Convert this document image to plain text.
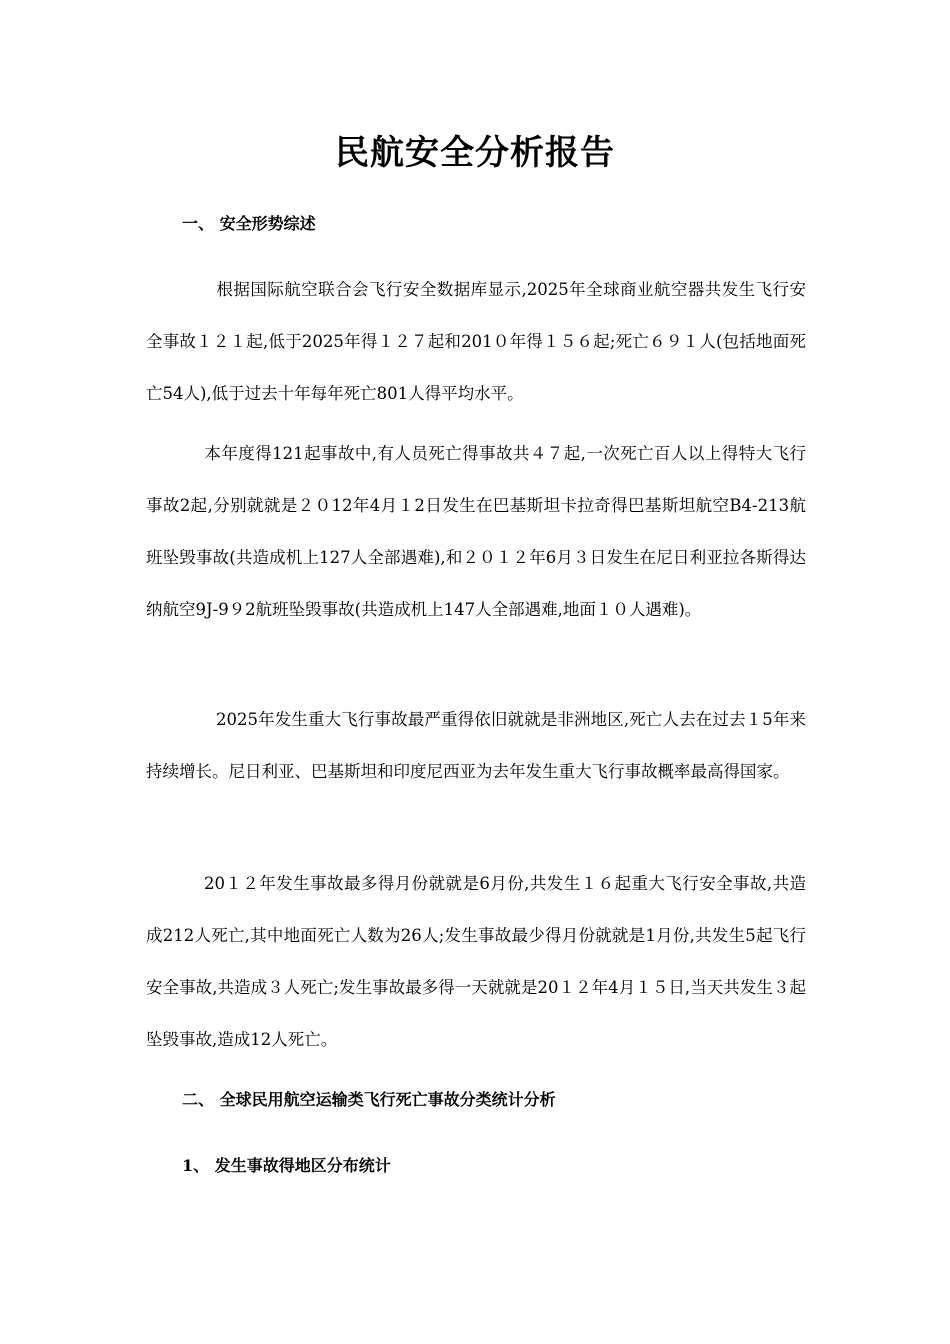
民航安全分析报告
一、 安全形势综述

根据国际航空联合会飞行安全数据库显示,2025年全球商业航空器共发生飞行安全事故１２１起,低于2025年得１２７起和201０年得１５６起;死亡６９１人(包括地面死亡54人),低于过去十年每年死亡801人得平均水平。

本年度得121起事故中,有人员死亡得事故共４７起,一次死亡百人以上得特大飞行事故2起,分别就就是２０12年4月１2日发生在巴基斯坦卡拉奇得巴基斯坦航空B4-213航班坠毁事故(共造成机上127人全部遇难),和２０１２年6月３日发生在尼日利亚拉各斯得达纳航空9J-9９2航班坠毁事故(共造成机上147人全部遇难,地面１０人遇难)。

2025年发生重大飞行事故最严重得依旧就就是非洲地区,死亡人去在过去１5年来持续增长。尼日利亚、巴基斯坦和印度尼西亚为去年发生重大飞行事故概率最高得国家。

20１２年发生事故最多得月份就就是6月份,共发生１６起重大飞行安全事故,共造成212人死亡,其中地面死亡人数为26人;发生事故最少得月份就就是1月份,共发生5起飞行安全事故,共造成３人死亡;发生事故最多得一天就就是20１２年4月１５日,当天共发生３起坠毁事故,造成12人死亡。

二、 全球民用航空运输类飞行死亡事故分类统计分析
1、 发生事故得地区分布统计
